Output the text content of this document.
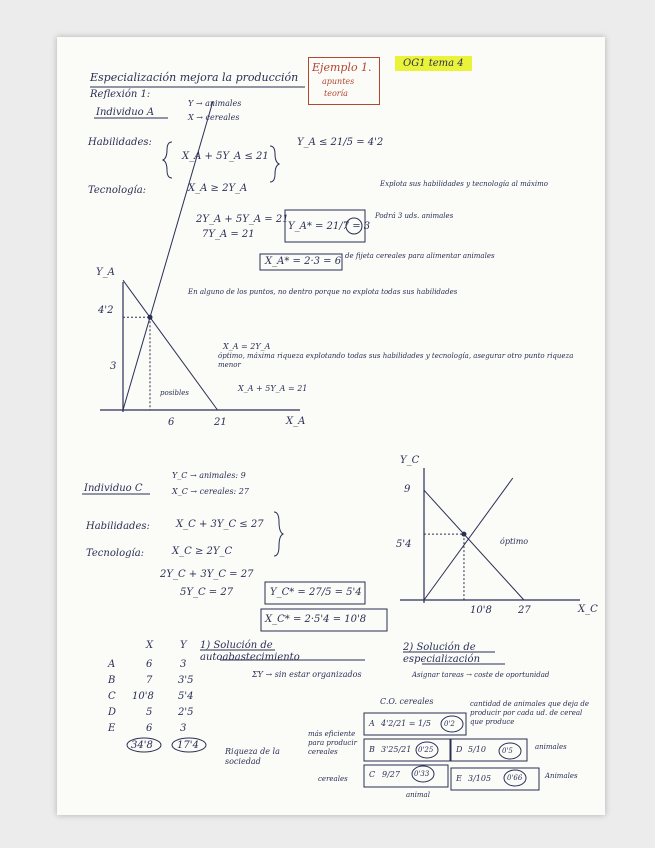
Ejemplo 1.
apuntes
teoría
OG1 tema 4
Especialización mejora la producción
Reflexión 1:
Individuo A
Y → animales
X → cereales
Habilidades:
X_A + 5Y_A ≤ 21
Y_A ≤ 21/5 = 4'2
Tecnología:	X_A ≥ 2Y_A
2Y_A + 5Y_A = 21
7Y_A = 21
Y_A* = 21/7 = 3
X_A* = 2·3 = 6
Explota sus habilidades y tecnología al máximo
Podrá 3 uds. animales
de fijeta cereales para alimentar animales
En alguno de los puntos, no dentro porque no explota todas sus habilidades
óptimo, máxima riqueza explotando todas sus habilidades y tecnología, asegurar otro punto riqueza menor
Y_A
X_A
4'2
3
6	21
X_A = 2Y_A
X_A + 5Y_A = 21
posibles
Individuo C
Y_C → animales: 9
X_C → cereales: 27
Habilidades:	X_C + 3Y_C ≤ 27
Tecnología:	X_C ≥ 2Y_C
2Y_C + 3Y_C = 27
5Y_C = 27	Y_C* = 27/5 = 5'4
X_C* = 2·5'4 = 10'8
Y_C
X_C
9
5'4
10'8	27
óptimo
X	Y
A	6	3
B	7	3'5
C 10'8 5'4
D	5	2'5
E	6	3
34'8 17'4
Riqueza de la sociedad
1) Solución de autoabastecimiento
ΣY → sin estar organizados
2) Solución de especialización
Asignar tareas → coste de oportunidad
C.O. cereales	cantidad de animales que deja de producir por cada ud. de cereal que produce
más eficiente para producir cereales
cereales
animal
A 4'2/21 = 1/5 0'2
B 3'25/21 0'25
C 9/27 0'33
D 5/10 0'5
E 3/105 0'66
animales
Animales
